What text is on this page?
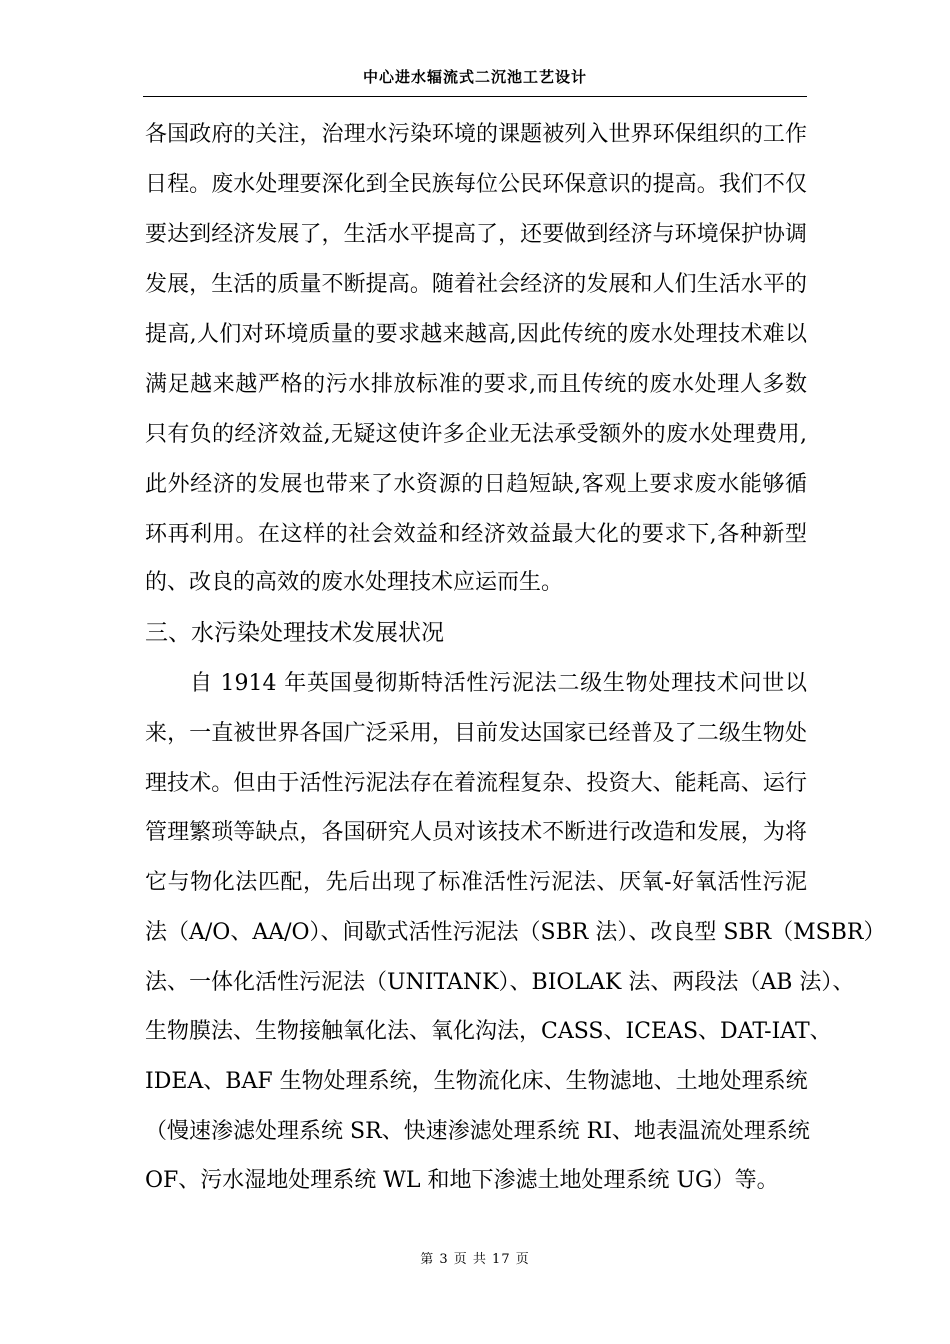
中心进水辐流式二沉池工艺设计
各国政府的关注，治理水污染环境的课题被列入世界环保组织的工作
日程。废水处理要深化到全民族每位公民环保意识的提高。我们不仅
要达到经济发展了，生活水平提高了，还要做到经济与环境保护协调
发展，生活的质量不断提高。随着社会经济的发展和人们生活水平的
提高,人们对环境质量的要求越来越高,因此传统的废水处理技术难以
满足越来越严格的污水排放标准的要求,而且传统的废水处理人多数
只有负的经济效益,无疑这使许多企业无法承受额外的废水处理费用,
此外经济的发展也带来了水资源的日趋短缺,客观上要求废水能够循
环再利用。在这样的社会效益和经济效益最大化的要求下,各种新型
的、改良的高效的废水处理技术应运而生。
三、水污染处理技术发展状况
自 1914 年英国曼彻斯特活性污泥法二级生物处理技术问世以
来，一直被世界各国广泛采用，目前发达国家已经普及了二级生物处
理技术。但由于活性污泥法存在着流程复杂、投资大、能耗高、运行
管理繁琐等缺点，各国研究人员对该技术不断进行改造和发展，为将
它与物化法匹配，先后出现了标准活性污泥法、厌氧-好氧活性污泥
法（A/O、AA/O）、间歇式活性污泥法（SBR 法）、改良型 SBR（MSBR）
法、一体化活性污泥法（UNITANK）、BIOLAK 法、两段法（AB 法）、
生物膜法、生物接触氧化法、氧化沟法，CASS、ICEAS、DAT-IAT、
IDEA、BAF 生物处理系统，生物流化床、生物滤地、土地处理系统
（慢速渗滤处理系统 SR、快速渗滤处理系统 RI、地表温流处理系统
OF、污水湿地处理系统 WL 和地下渗滤土地处理系统 UG）等。
第 3 页 共 17 页
